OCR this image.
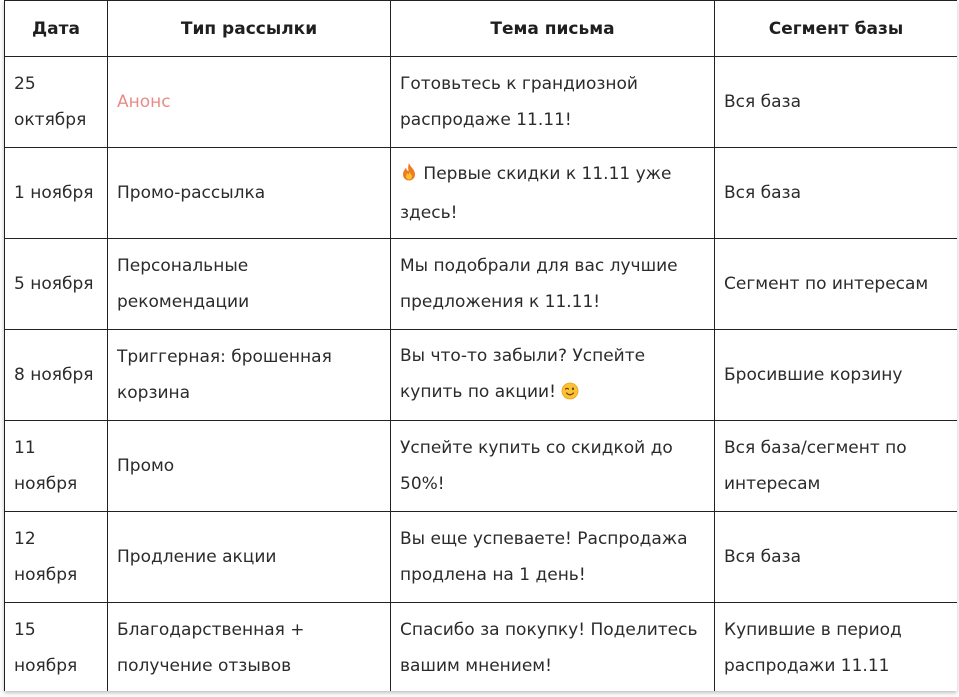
Дата	Тип рассылки	Тема письма	Сегмент базы
25 октября	Анонс	Готовьтесь к грандиозной распродаже 11.11!	Вся база
1 ноября	Промо-рассылка	Первые скидки к 11.11 уже здесь!	Вся база
5 ноября	Персональные рекомендации	Мы подобрали для вас лучшие предложения к 11.11!	Сегмент по интересам
8 ноября	Триггерная: брошенная корзина	Вы что-то забыли? Успейте купить по акции!	Бросившие корзину
11 ноября	Промо	Успейте купить со скидкой до 50%!	Вся база/сегмент по интересам
12 ноября	Продление акции	Вы еще успеваете! Распродажа продлена на 1 день!	Вся база
15 ноября	Благодарственная + получение отзывов	Спасибо за покупку! Поделитесь вашим мнением!	Купившие в период распродажи 11.11
